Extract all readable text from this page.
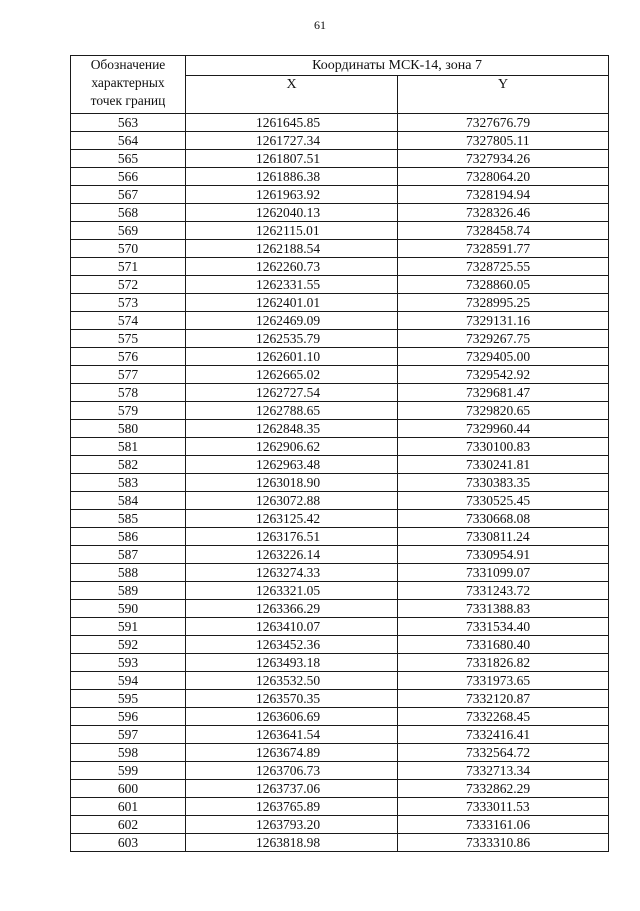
61
Обозначение
характерных
точек границ	Координаты МСК-14, зона 7	
	X	Y
563	1261645.85	7327676.79
564	1261727.34	7327805.11
565	1261807.51	7327934.26
566	1261886.38	7328064.20
567	1261963.92	7328194.94
568	1262040.13	7328326.46
569	1262115.01	7328458.74
570	1262188.54	7328591.77
571	1262260.73	7328725.55
572	1262331.55	7328860.05
573	1262401.01	7328995.25
574	1262469.09	7329131.16
575	1262535.79	7329267.75
576	1262601.10	7329405.00
577	1262665.02	7329542.92
578	1262727.54	7329681.47
579	1262788.65	7329820.65
580	1262848.35	7329960.44
581	1262906.62	7330100.83
582	1262963.48	7330241.81
583	1263018.90	7330383.35
584	1263072.88	7330525.45
585	1263125.42	7330668.08
586	1263176.51	7330811.24
587	1263226.14	7330954.91
588	1263274.33	7331099.07
589	1263321.05	7331243.72
590	1263366.29	7331388.83
591	1263410.07	7331534.40
592	1263452.36	7331680.40
593	1263493.18	7331826.82
594	1263532.50	7331973.65
595	1263570.35	7332120.87
596	1263606.69	7332268.45
597	1263641.54	7332416.41
598	1263674.89	7332564.72
599	1263706.73	7332713.34
600	1263737.06	7332862.29
601	1263765.89	7333011.53
602	1263793.20	7333161.06
603	1263818.98	7333310.86
